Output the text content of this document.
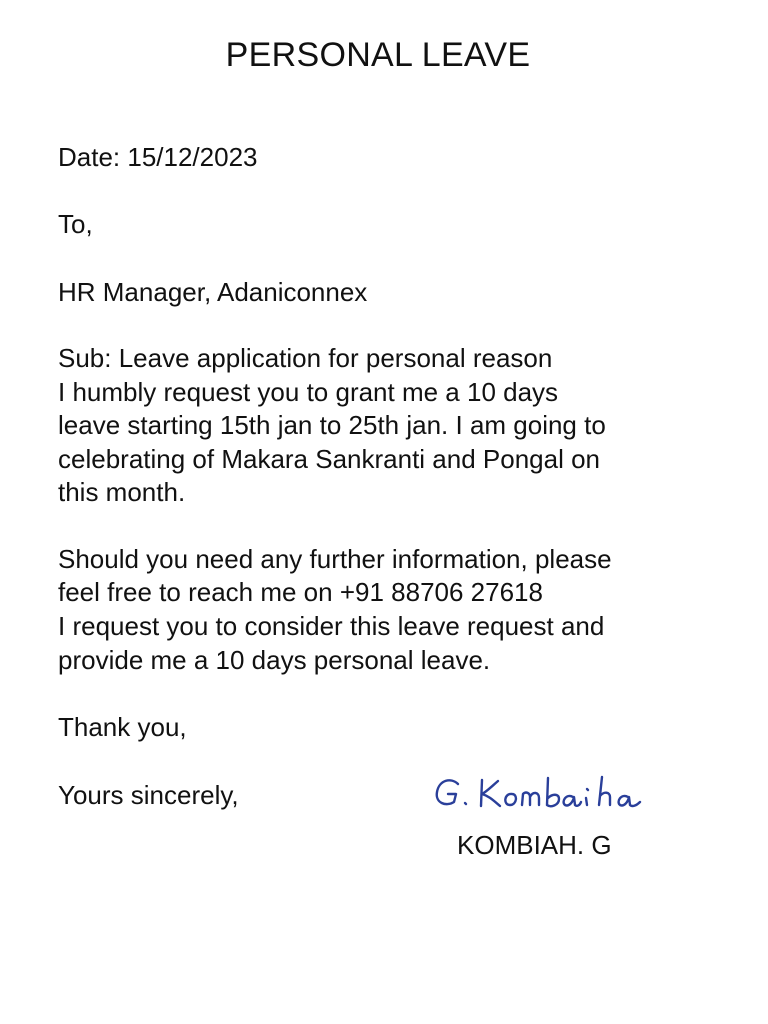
PERSONAL LEAVE
Date: 15/12/2023
To,
HR Manager, Adaniconnex
Sub: Leave application for personal reason
I humbly request you to grant me a 10 days
leave starting 15th jan to 25th jan. I am going to
celebrating of Makara Sankranti and Pongal on
this month.
Should you need any further information, please
feel free to reach me on +91 88706 27618
I request you to consider this leave request and
provide me a 10 days personal leave.
Thank you,
Yours sincerely,
KOMBIAH. G
